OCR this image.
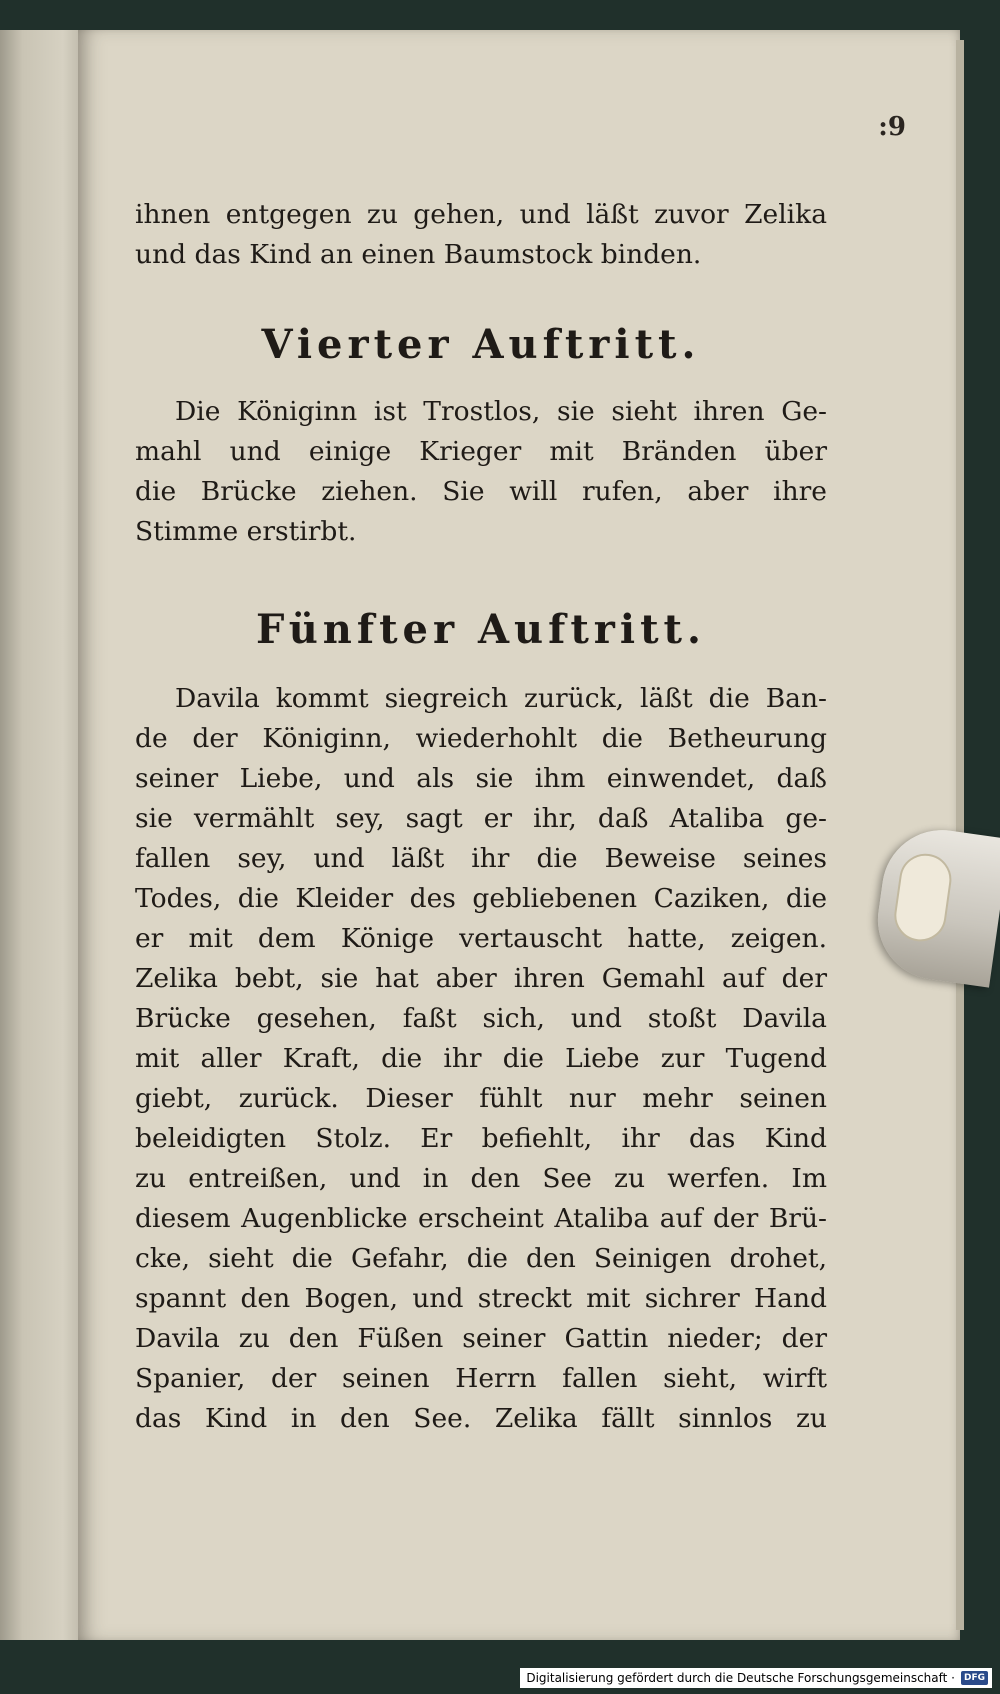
:9

ihnen entgegen zu gehen, und läßt zuvor Zelika
und das Kind an einen Baumstock binden.

Vierter Auftritt.

Die Königinn ist Trostlos, sie sieht ihren Ge-
mahl und einige Krieger mit Bränden über
die Brücke ziehen. Sie will rufen, aber ihre
Stimme erstirbt.

Fünfter Auftritt.

Davila kommt siegreich zurück, läßt die Ban-
de der Königinn, wiederhohlt die Betheurung
seiner Liebe, und als sie ihm einwendet, daß
sie vermählt sey, sagt er ihr, daß Ataliba ge-
fallen sey, und läßt ihr die Beweise seines
Todes, die Kleider des gebliebenen Caziken, die
er mit dem Könige vertauscht hatte, zeigen.
Zelika bebt, sie hat aber ihren Gemahl auf der
Brücke gesehen, faßt sich, und stoßt Davila
mit aller Kraft, die ihr die Liebe zur Tugend
giebt, zurück. Dieser fühlt nur mehr seinen
beleidigten Stolz. Er befiehlt, ihr das Kind
zu entreißen, und in den See zu werfen. Im
diesem Augenblicke erscheint Ataliba auf der Brü-
cke, sieht die Gefahr, die den Seinigen drohet,
spannt den Bogen, und streckt mit sichrer Hand
Davila zu den Füßen seiner Gattin nieder; der
Spanier, der seinen Herrn fallen sieht, wirft
das Kind in den See. Zelika fällt sinnlos zu

Digitalisierung gefördert durch die Deutsche Forschungsgemeinschaft ·	DFG
